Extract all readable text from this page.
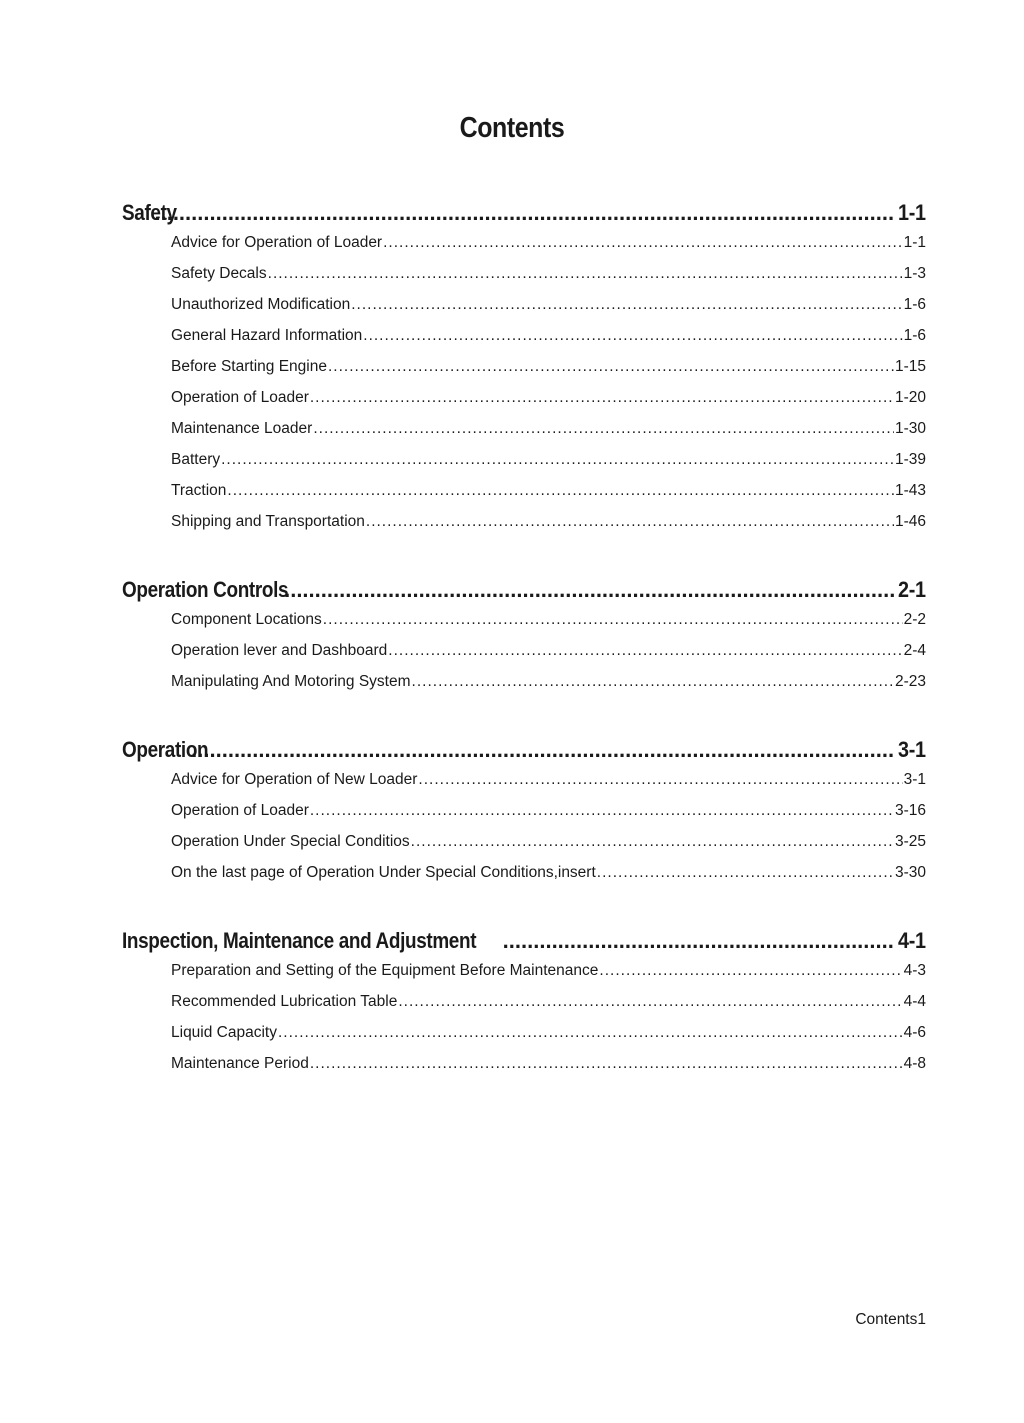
Contents
Safety .....	1-1
Advice for Operation of Loader .....	1-1
Safety Decals .....	1-3
Unauthorized Modification .....	1-6
General Hazard Information .....	1-6
Before Starting Engine .....	1-15
Operation of Loader .....	1-20
Maintenance Loader .....	1-30
Battery .....	1-39
Traction .....	1-43
Shipping and Transportation .....	1-46
Operation Controls .....	2-1
Component Locations .....	2-2
Operation lever and Dashboard .....	2-4
Manipulating And Motoring System .....	2-23
Operation .....	3-1
Advice for Operation of New Loader .....	3-1
Operation of Loader .....	3-16
Operation Under Special Conditios .....	3-25
On the last page of Operation Under Special Conditions,insert .....	3-30
Inspection, Maintenance and Adjustment .....	4-1
Preparation and Setting of the Equipment Before Maintenance .....	4-3
Recommended Lubrication Table .....	4-4
Liquid Capacity .....	4-6
Maintenance Period .....	4-8
Contents1
